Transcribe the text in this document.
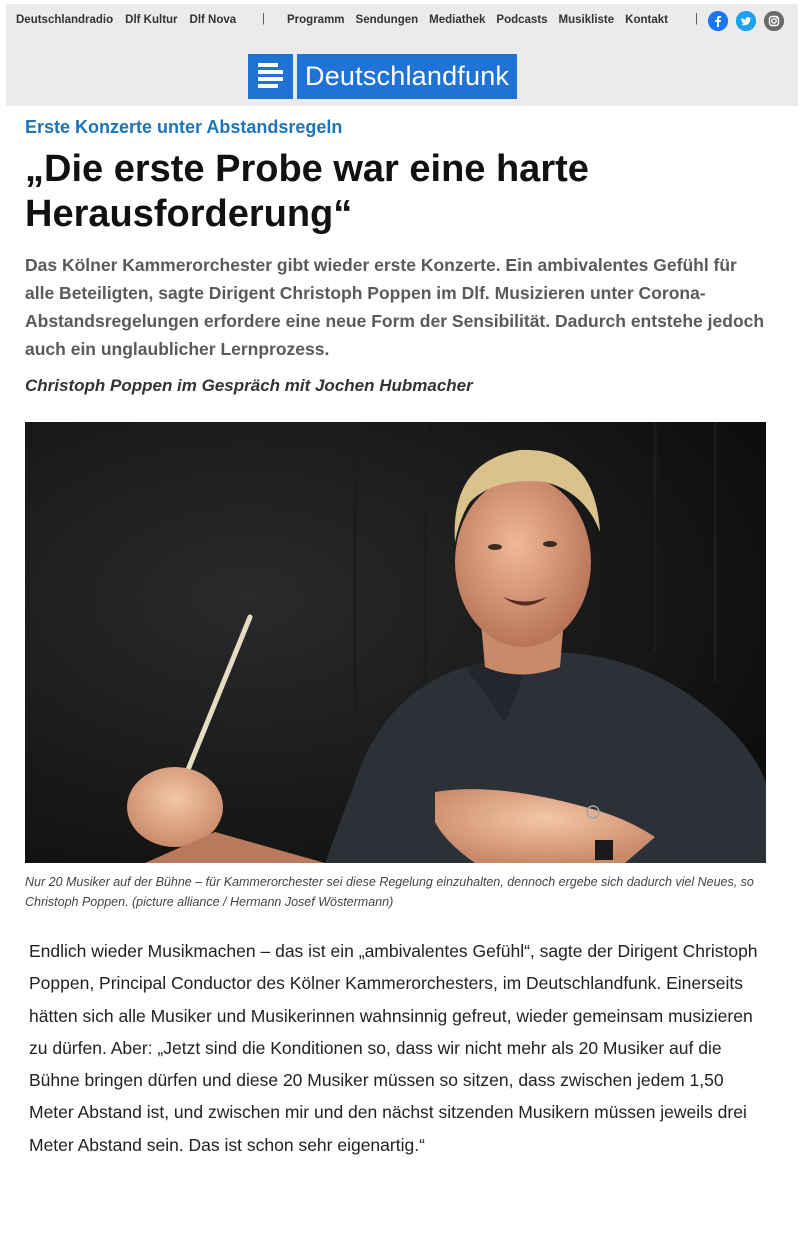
Deutschlandradio Dlf Kultur Dlf Nova | Programm Sendungen Mediathek Podcasts Musikliste Kontakt |
Deutschlandfunk
Erste Konzerte unter Abstandsregeln
„Die erste Probe war eine harte Herausforderung“

Das Kölner Kammerorchester gibt wieder erste Konzerte. Ein ambivalentes Gefühl für alle Beteiligten, sagte Dirigent Christoph Poppen im Dlf. Musizieren unter Corona-Abstandsregelungen erfordere eine neue Form der Sensibilität. Dadurch entstehe jedoch auch ein unglaublicher Lernprozess.

Christoph Poppen im Gespräch mit Jochen Hubmacher

Nur 20 Musiker auf der Bühne – für Kammerorchester sei diese Regelung einzuhalten, dennoch ergebe sich dadurch viel Neues, so Christoph Poppen. (picture alliance / Hermann Josef Wöstermann)

Endlich wieder Musikmachen – das ist ein „ambivalentes Gefühl“, sagte der Dirigent Christoph Poppen, Principal Conductor des Kölner Kammerorchesters, im Deutschlandfunk. Einerseits hätten sich alle Musiker und Musikerinnen wahnsinnig gefreut, wieder gemeinsam musizieren zu dürfen. Aber: „Jetzt sind die Konditionen so, dass wir nicht mehr als 20 Musiker auf die Bühne bringen dürfen und diese 20 Musiker müssen so sitzen, dass zwischen jedem 1,50 Meter Abstand ist, und zwischen mir und den nächst sitzenden Musikern müssen jeweils drei Meter Abstand sein. Das ist schon sehr eigenartig.“
